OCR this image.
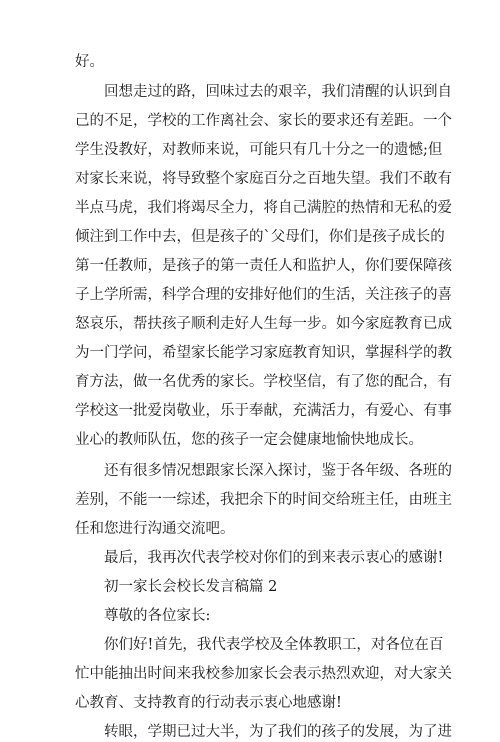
好。
回想走过的路，回味过去的艰辛，我们清醒的认识到自
己的不足，学校的工作离社会、家长的要求还有差距。一个
学生没教好，对教师来说，可能只有几十分之一的遗憾;但
对家长来说，将导致整个家庭百分之百地失望。我们不敢有
半点马虎，我们将竭尽全力，将自己满腔的热情和无私的爱
倾注到工作中去，但是孩子的`父母们，你们是孩子成长的
第一任教师，是孩子的第一责任人和监护人，你们要保障孩
子上学所需，科学合理的安排好他们的生活，关注孩子的喜
怒哀乐，帮扶孩子顺利走好人生每一步。如今家庭教育已成
为一门学问，希望家长能学习家庭教育知识，掌握科学的教
育方法，做一名优秀的家长。学校坚信，有了您的配合，有
学校这一批爱岗敬业，乐于奉献，充满活力，有爱心、有事
业心的教师队伍，您的孩子一定会健康地愉快地成长。
还有很多情况想跟家长深入探讨，鉴于各年级、各班的
差别，不能一一综述，我把余下的时间交给班主任，由班主
任和您进行沟通交流吧。
最后，我再次代表学校对你们的到来表示衷心的感谢!
初一家长会校长发言稿篇 2
尊敬的各位家长:
你们好!首先，我代表学校及全体教职工，对各位在百
忙中能抽出时间来我校参加家长会表示热烈欢迎，对大家关
心教育、支持教育的行动表示衷心地感谢!
转眼，学期已过大半，为了我们的孩子的发展，为了进
